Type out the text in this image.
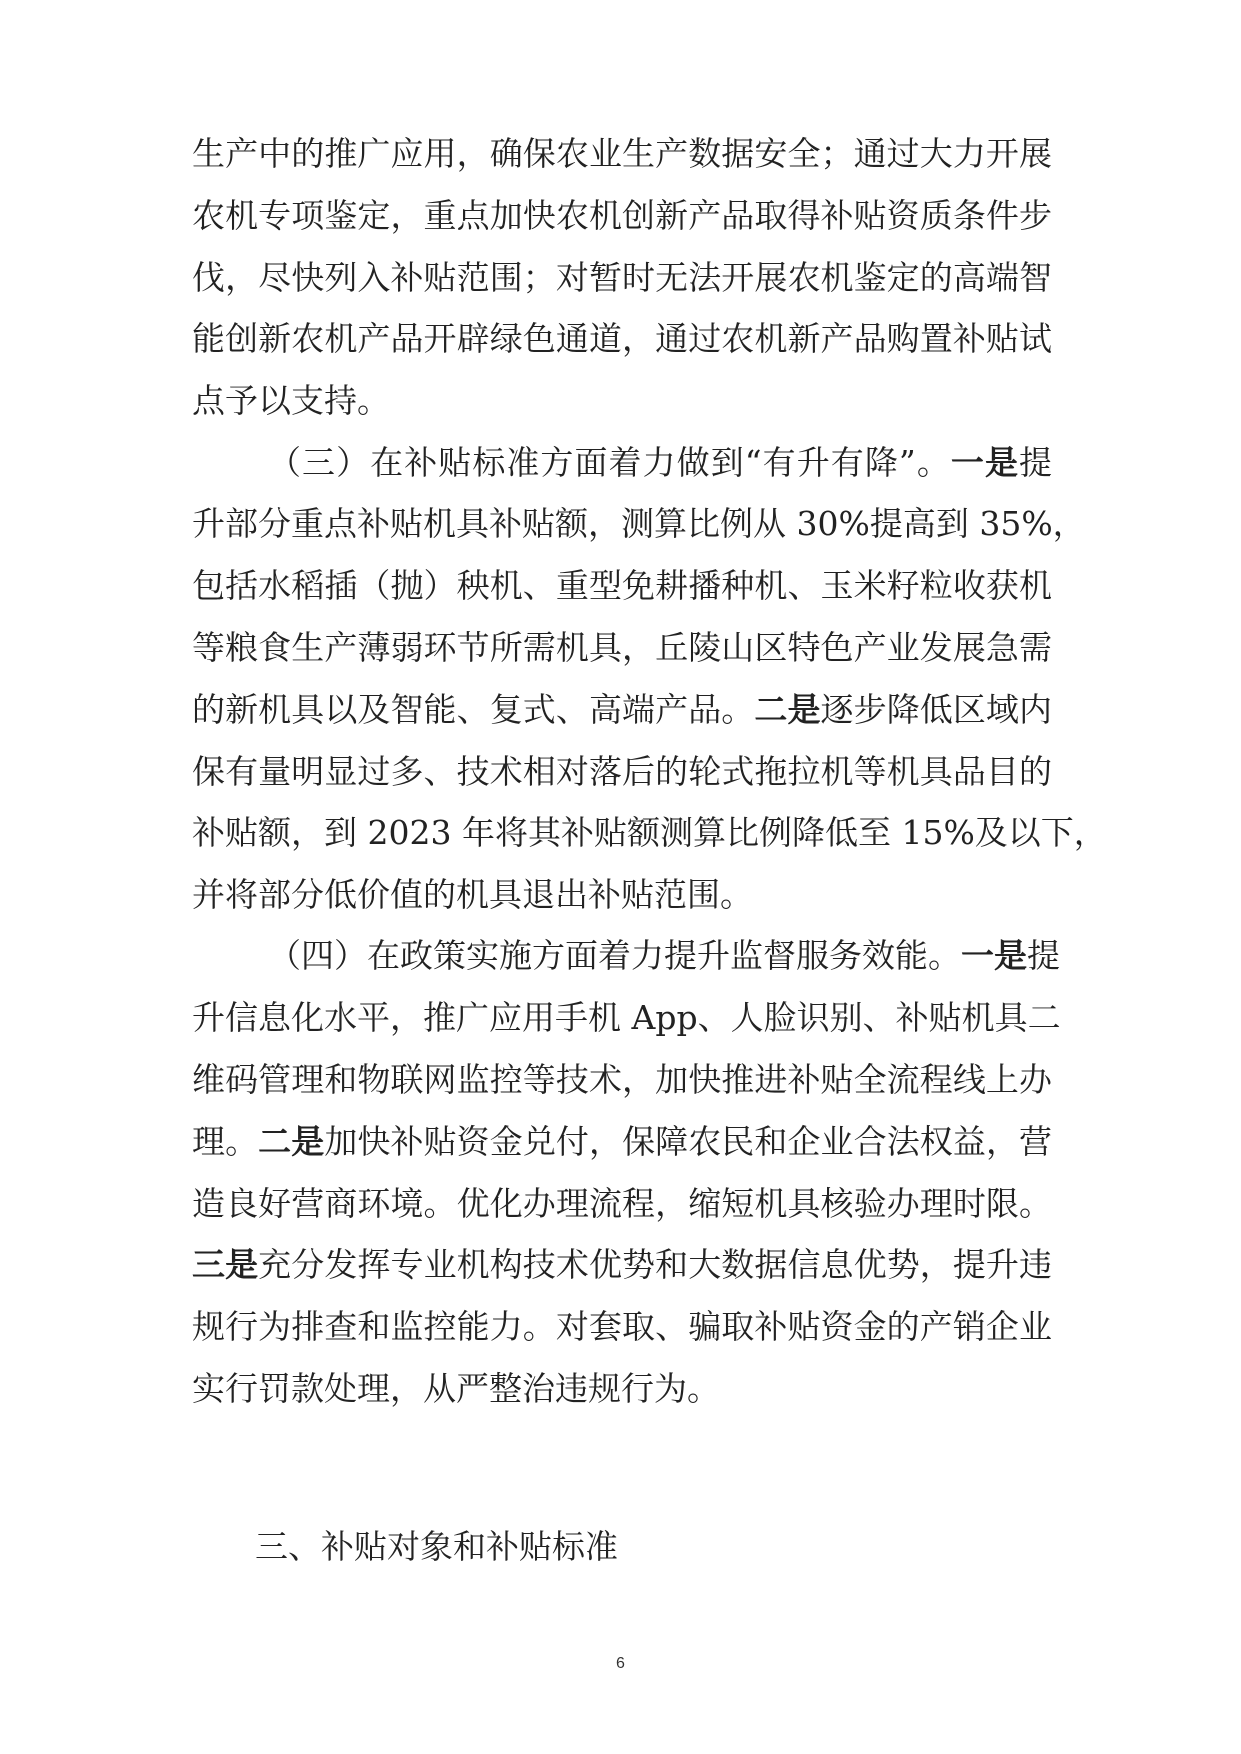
生产中的推广应用，确保农业生产数据安全；通过大力开展
农机专项鉴定，重点加快农机创新产品取得补贴资质条件步
伐，尽快列入补贴范围；对暂时无法开展农机鉴定的高端智
能创新农机产品开辟绿色通道，通过农机新产品购置补贴试
点予以支持。
（三）在补贴标准方面着力做到“有升有降”。一是提
升部分重点补贴机具补贴额，测算比例从 30%提高到 35%，
包括水稻插（抛）秧机、重型免耕播种机、玉米籽粒收获机
等粮食生产薄弱环节所需机具，丘陵山区特色产业发展急需
的新机具以及智能、复式、高端产品。二是逐步降低区域内
保有量明显过多、技术相对落后的轮式拖拉机等机具品目的
补贴额，到 2023 年将其补贴额测算比例降低至 15%及以下，
并将部分低价值的机具退出补贴范围。
（四）在政策实施方面着力提升监督服务效能。一是提
升信息化水平，推广应用手机 App、人脸识别、补贴机具二
维码管理和物联网监控等技术，加快推进补贴全流程线上办
理。二是加快补贴资金兑付，保障农民和企业合法权益，营
造良好营商环境。优化办理流程，缩短机具核验办理时限。
三是充分发挥专业机构技术优势和大数据信息优势，提升违
规行为排查和监控能力。对套取、骗取补贴资金的产销企业
实行罚款处理，从严整治违规行为。
三、补贴对象和补贴标准
6
